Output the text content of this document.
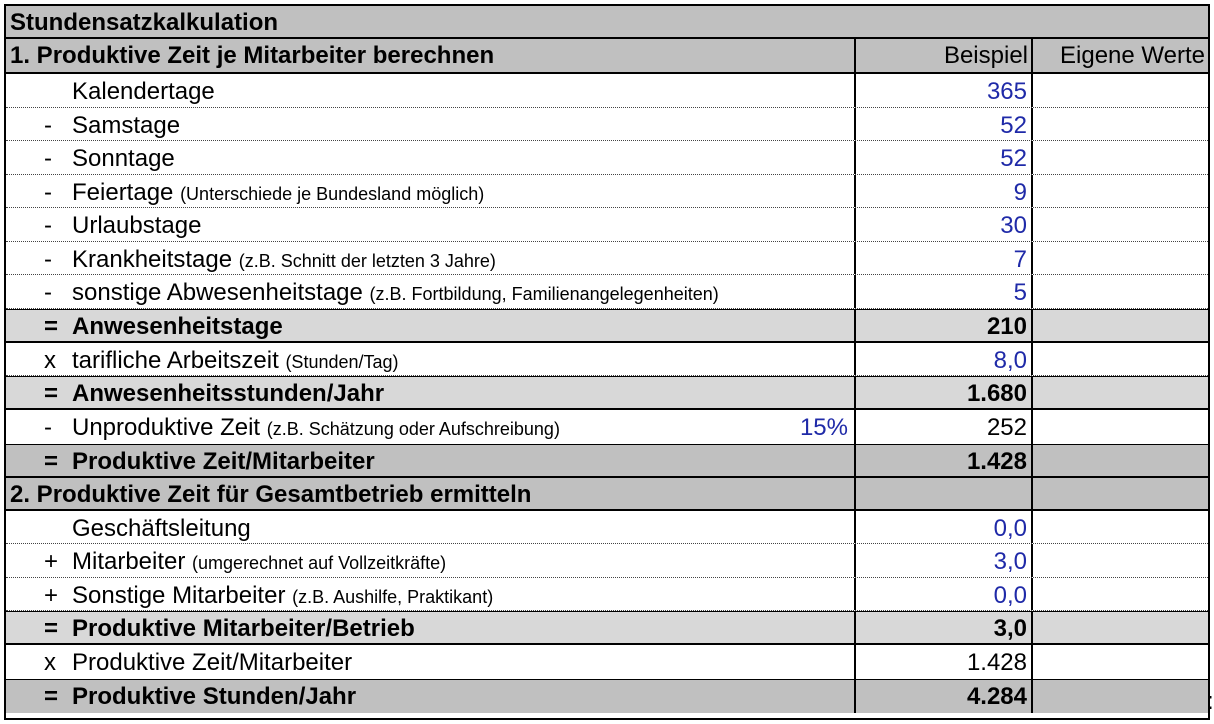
Stundensatzkalkulation
1. Produktive Zeit je Mitarbeiter berechnen	Beispiel Eigene Werte
Kalendertage	365
- Samstage	52
- Sonntage	52
- Feiertage (Unterschiede je Bundesland möglich)	9
- Urlaubstage	30
- Krankheitstage (z.B. Schnitt der letzten 3 Jahre)	7
- sonstige Abwesenheitstage (z.B. Fortbildung, Familienangelegenheiten)	5
= Anwesenheitstage	210
x tarifliche Arbeitszeit (Stunden/Tag)	8,0
= Anwesenheitsstunden/Jahr	1.680
- Unproduktive Zeit (z.B. Schätzung oder Aufschreibung)	15%	252
= Produktive Zeit/Mitarbeiter	1.428
2. Produktive Zeit für Gesamtbetrieb ermitteln
Geschäftsleitung	0,0
+ Mitarbeiter (umgerechnet auf Vollzeitkräfte)	3,0
+ Sonstige Mitarbeiter (z.B. Aushilfe, Praktikant)	0,0
= Produktive Mitarbeiter/Betrieb	3,0
x Produktive Zeit/Mitarbeiter	1.428
= Produktive Stunden/Jahr	4.284	:
